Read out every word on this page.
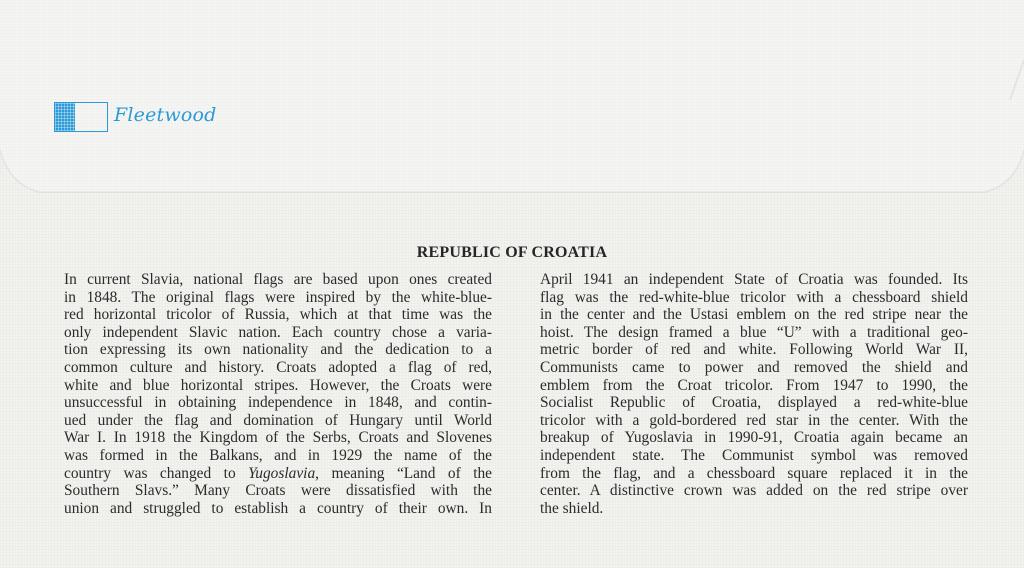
Fleetwood
REPUBLIC OF CROATIA
In current Slavia, national flags are based upon ones created
in 1848. The original flags were inspired by the white-blue-
red horizontal tricolor of Russia, which at that time was the
only independent Slavic nation. Each country chose a varia-
tion expressing its own nationality and the dedication to a
common culture and history. Croats adopted a flag of red,
white and blue horizontal stripes. However, the Croats were
unsuccessful in obtaining independence in 1848, and contin-
ued under the flag and domination of Hungary until World
War I. In 1918 the Kingdom of the Serbs, Croats and Slovenes
was formed in the Balkans, and in 1929 the name of the
country was changed to Yugoslavia, meaning “Land of the
Southern Slavs.” Many Croats were dissatisfied with the
union and struggled to establish a country of their own. In
April 1941 an independent State of Croatia was founded. Its
flag was the red-white-blue tricolor with a chessboard shield
in the center and the Ustasi emblem on the red stripe near the
hoist. The design framed a blue “U” with a traditional geo-
metric border of red and white. Following World War II,
Communists came to power and removed the shield and
emblem from the Croat tricolor. From 1947 to 1990, the
Socialist Republic of Croatia, displayed a red-white-blue
tricolor with a gold-bordered red star in the center. With the
breakup of Yugoslavia in 1990-91, Croatia again became an
independent state. The Communist symbol was removed
from the flag, and a chessboard square replaced it in the
center. A distinctive crown was added on the red stripe over
the shield.
